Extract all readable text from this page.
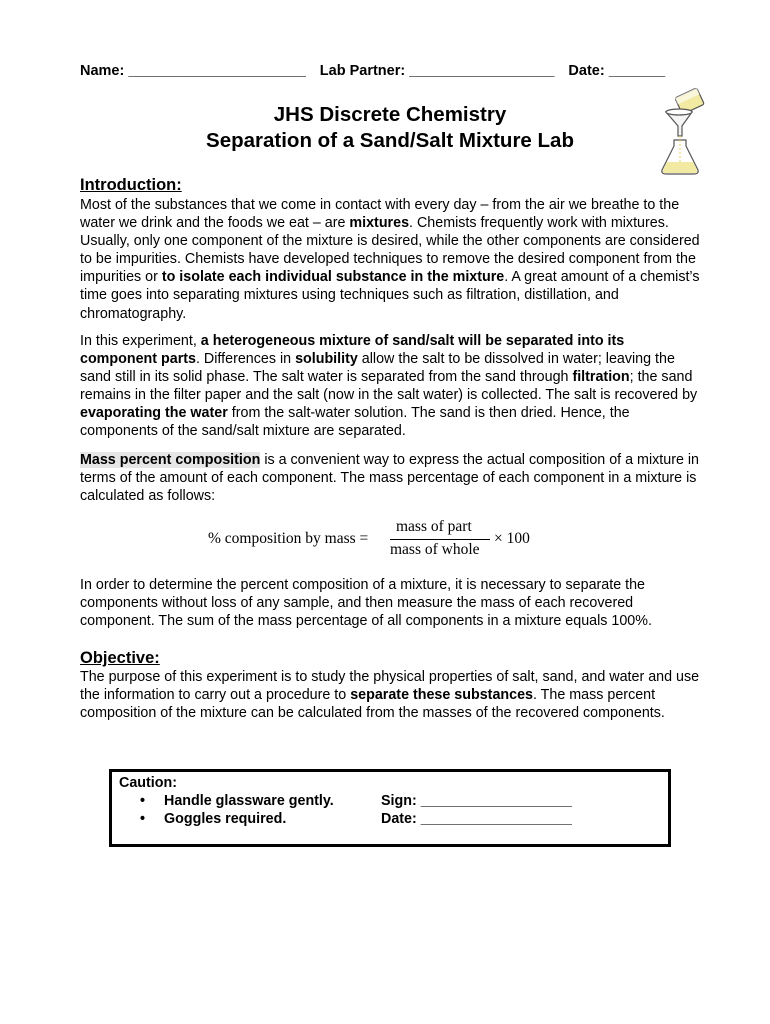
Name: ______________________ Lab Partner: __________________ Date: _______
JHS Discrete Chemistry
Separation of a Sand/Salt Mixture Lab
Introduction:
Most of the substances that we come in contact with every day – from the air we breathe to the water we drink and the foods we eat – are mixtures. Chemists frequently work with mixtures. Usually, only one component of the mixture is desired, while the other components are considered to be impurities. Chemists have developed techniques to remove the desired component from the impurities or to isolate each individual substance in the mixture. A great amount of a chemist’s time goes into separating mixtures using techniques such as filtration, distillation, and chromatography.
In this experiment, a heterogeneous mixture of sand/salt will be separated into its component parts. Differences in solubility allow the salt to be dissolved in water; leaving the sand still in its solid phase. The salt water is separated from the sand through filtration; the sand remains in the filter paper and the salt (now in the salt water) is collected. The salt is recovered by evaporating the water from the salt-water solution. The sand is then dried. Hence, the components of the sand/salt mixture are separated.
Mass percent composition is a convenient way to express the actual composition of a mixture in terms of the amount of each component. The mass percentage of each component in a mixture is calculated as follows:
% composition by mass =
mass of part
mass of whole
× 100
In order to determine the percent composition of a mixture, it is necessary to separate the components without loss of any sample, and then measure the mass of each recovered component. The sum of the mass percentage of all components in a mixture equals 100%.
Objective:
The purpose of this experiment is to study the physical properties of salt, sand, and water and use the information to carry out a procedure to separate these substances. The mass percent composition of the mixture can be calculated from the masses of the recovered components.
Caution:
• Handle glassware gently.
• Goggles required.
Sign: ___________________
Date: ___________________
